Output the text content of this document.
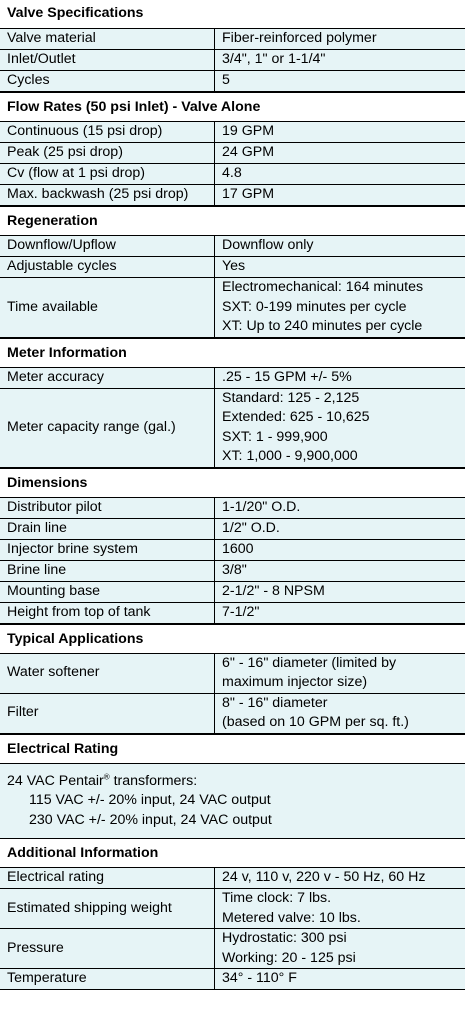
Valve Specifications
Valve material	Fiber-reinforced polymer

Inlet/Outlet	3/4", 1" or 1-1/4"

Cycles	5
Flow Rates (50 psi Inlet) - Valve Alone
Continuous (15 psi drop)	19 GPM

Peak (25 psi drop)	24 GPM

Cv (flow at 1 psi drop)	4.8

Max. backwash (25 psi drop)	17 GPM
Regeneration
Downflow/Upflow	Downflow only

Adjustable cycles	Yes

Time available	Electromechanical: 164 minutes
SXT: 0-199 minutes per cycle
XT: Up to 240 minutes per cycle
Meter Information
Meter accuracy	.25 - 15 GPM +/- 5%

Meter capacity range (gal.)	Standard: 125 - 2,125
Extended: 625 - 10,625
SXT: 1 - 999,900
XT: 1,000 - 9,900,000
Dimensions
Distributor pilot	1-1/20" O.D.

Drain line	1/2" O.D.

Injector brine system	1600

Brine line	3/8"

Mounting base	2-1/2" - 8 NPSM

Height from top of tank	7-1/2"
Typical Applications
Water softener	6" - 16" diameter (limited by
maximum injector size)

Filter	8" - 16" diameter
(based on 10 GPM per sq. ft.)
Electrical Rating
24 VAC Pentair® transformers:
115 VAC +/- 20% input, 24 VAC output
230 VAC +/- 20% input, 24 VAC output
Additional Information
Electrical rating	24 v, 110 v, 220 v - 50 Hz, 60 Hz

Estimated shipping weight	Time clock: 7 lbs.
Metered valve: 10 lbs.

Pressure	Hydrostatic: 300 psi
Working: 20 - 125 psi

Temperature	34° - 110° F
